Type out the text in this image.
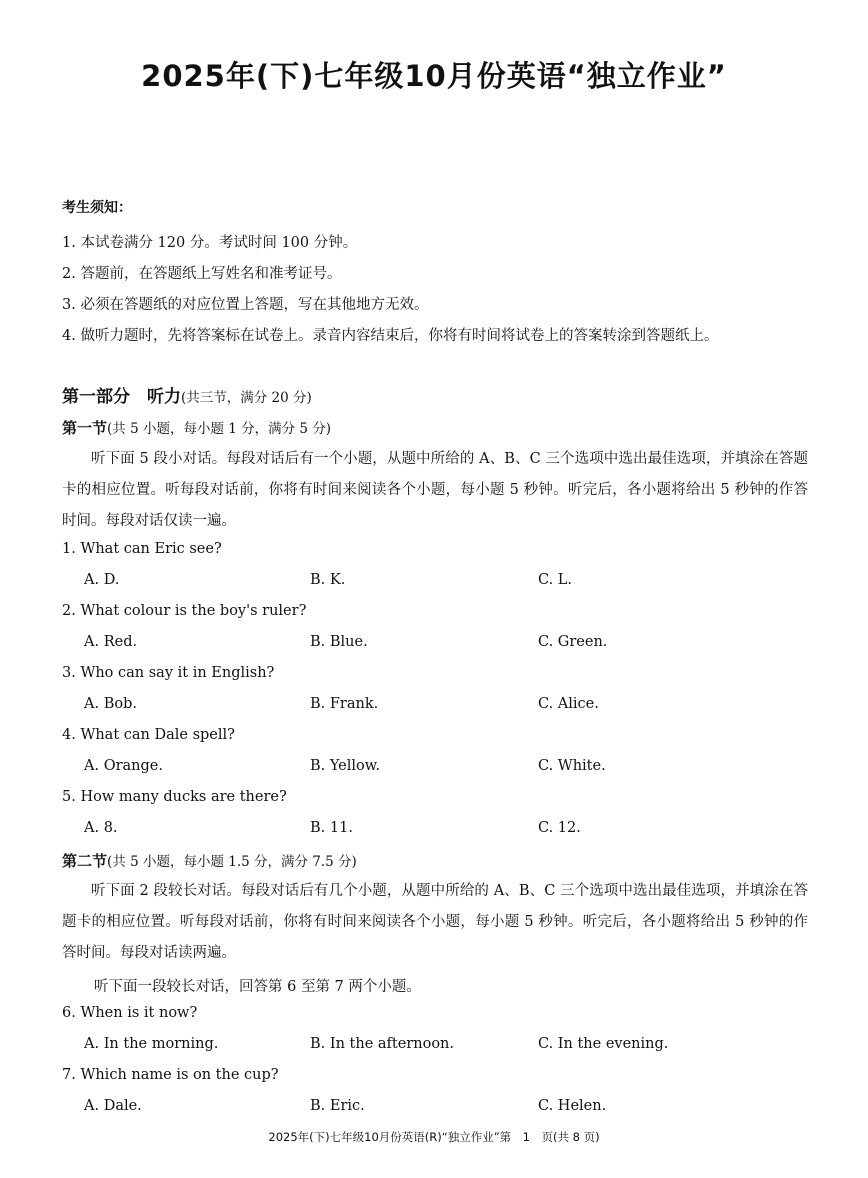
2025年(下)七年级10月份英语“独立作业”
考生须知：
1. 本试卷满分 120 分。考试时间 100 分钟。
2. 答题前，在答题纸上写姓名和准考证号。
3. 必须在答题纸的对应位置上答题，写在其他地方无效。
4. 做听力题时，先将答案标在试卷上。录音内容结束后，你将有时间将试卷上的答案转涂到答题纸上。
第一部分　听力(共三节，满分 20 分)
第一节(共 5 小题，每小题 1 分，满分 5 分)
听下面 5 段小对话。每段对话后有一个小题，从题中所给的 A、B、C 三个选项中选出最佳选项，并填涂在答题卡的相应位置。听每段对话前，你将有时间来阅读各个小题，每小题 5 秒钟。听完后，各小题将给出 5 秒钟的作答时间。每段对话仅读一遍。
1. What can Eric see?
A. D.	B. K.	C. L.
2. What colour is the boy's ruler?
A. Red.	B. Blue.	C. Green.
3. Who can say it in English?
A. Bob.	B. Frank.	C. Alice.
4. What can Dale spell?
A. Orange.	B. Yellow.	C. White.
5. How many ducks are there?
A. 8.	B. 11.	C. 12.
第二节(共 5 小题，每小题 1.5 分，满分 7.5 分)
听下面 2 段较长对话。每段对话后有几个小题，从题中所给的 A、B、C 三个选项中选出最佳选项，并填涂在答题卡的相应位置。听每段对话前，你将有时间来阅读各个小题，每小题 5 秒钟。听完后，各小题将给出 5 秒钟的作答时间。每段对话读两遍。
听下面一段较长对话，回答第 6 至第 7 两个小题。
6. When is it now?
A. In the morning.	B. In the afternoon.	C. In the evening.
7. Which name is on the cup?
A. Dale.	B. Eric.	C. Helen.
2025年(下)七年级10月份英语(R)“独立作业”第　1　页(共 8 页)
